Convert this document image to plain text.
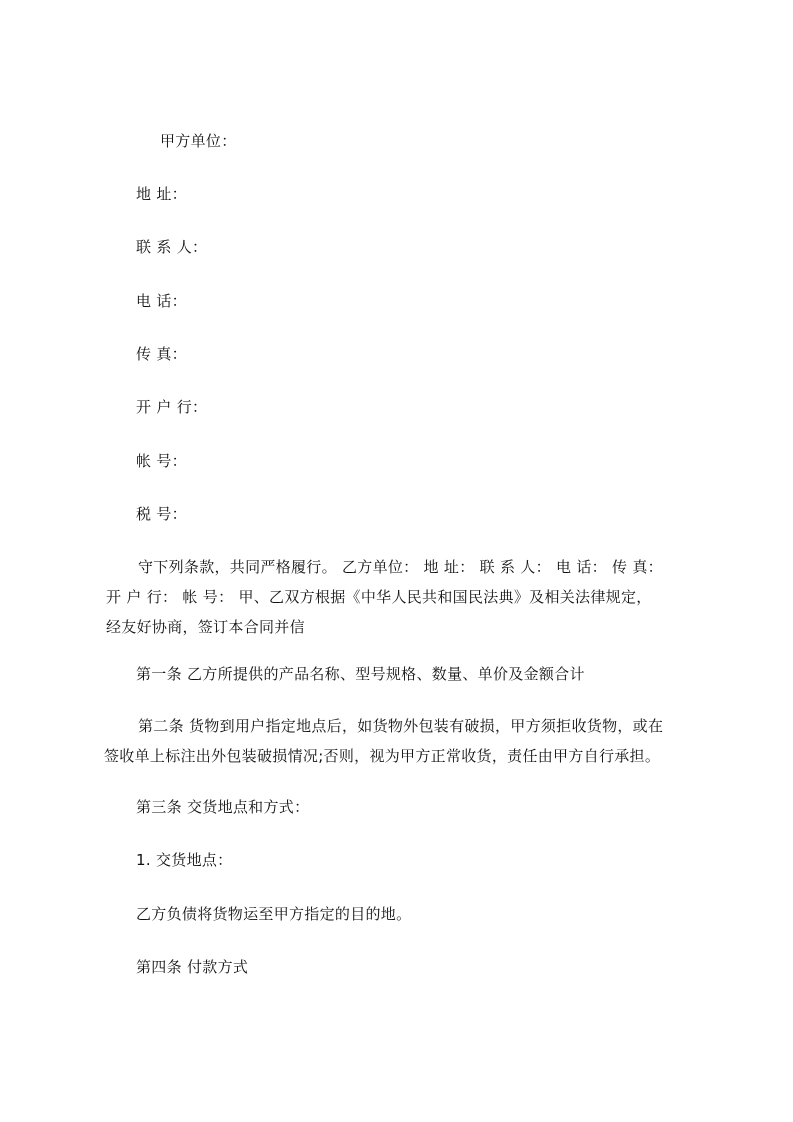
甲方单位：
地 址：
联 系 人：
电 话：
传 真：
开 户 行：
帐 号：
税 号：
守下列条款，共同严格履行。 乙方单位： 地 址： 联 系 人： 电 话： 传 真：
开 户 行： 帐 号： 甲、乙双方根据《中华人民共和国民法典》及相关法律规定，
经友好协商，签订本合同并信
第一条 乙方所提供的产品名称、型号规格、数量、单价及金额合计
第二条 货物到用户指定地点后，如货物外包装有破损，甲方须拒收货物，或在
签收单上标注出外包装破损情况;否则，视为甲方正常收货，责任由甲方自行承担。
第三条 交货地点和方式：
1. 交货地点：
乙方负债将货物运至甲方指定的目的地。
第四条 付款方式
